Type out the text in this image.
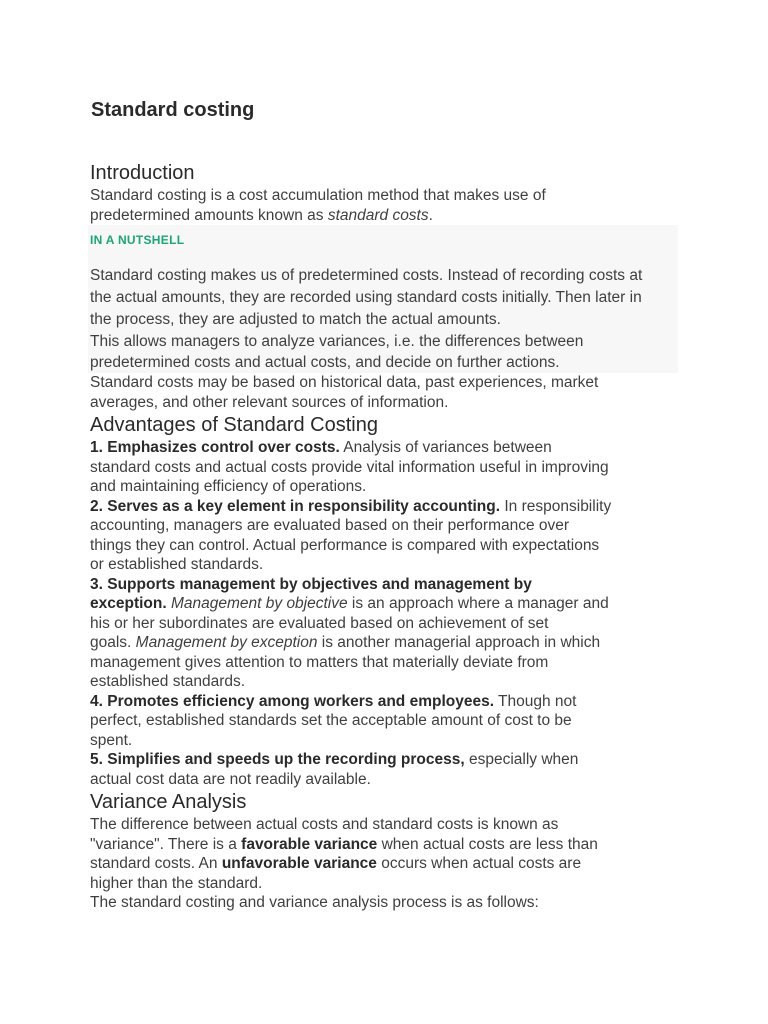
Standard costing
Introduction

Standard costing is a cost accumulation method that makes use of
predetermined amounts known as standard costs.

IN A NUTSHELL

Standard costing makes us of predetermined costs. Instead of recording costs at
the actual amounts, they are recorded using standard costs initially. Then later in
the process, they are adjusted to match the actual amounts.

This allows managers to analyze variances, i.e. the differences between
predetermined costs and actual costs, and decide on further actions.

Standard costs may be based on historical data, past experiences, market
averages, and other relevant sources of information.

Advantages of Standard Costing

1. Emphasizes control over costs. Analysis of variances between
standard costs and actual costs provide vital information useful in improving
and maintaining efficiency of operations.

2. Serves as a key element in responsibility accounting. In responsibility
accounting, managers are evaluated based on their performance over
things they can control. Actual performance is compared with expectations
or established standards.

3. Supports management by objectives and management by
exception. Management by objective is an approach where a manager and
his or her subordinates are evaluated based on achievement of set
goals. Management by exception is another managerial approach in which
management gives attention to matters that materially deviate from
established standards.

4. Promotes efficiency among workers and employees. Though not
perfect, established standards set the acceptable amount of cost to be
spent.

5. Simplifies and speeds up the recording process, especially when
actual cost data are not readily available.

Variance Analysis

The difference between actual costs and standard costs is known as
"variance". There is a favorable variance when actual costs are less than
standard costs. An unfavorable variance occurs when actual costs are
higher than the standard.
The standard costing and variance analysis process is as follows:
